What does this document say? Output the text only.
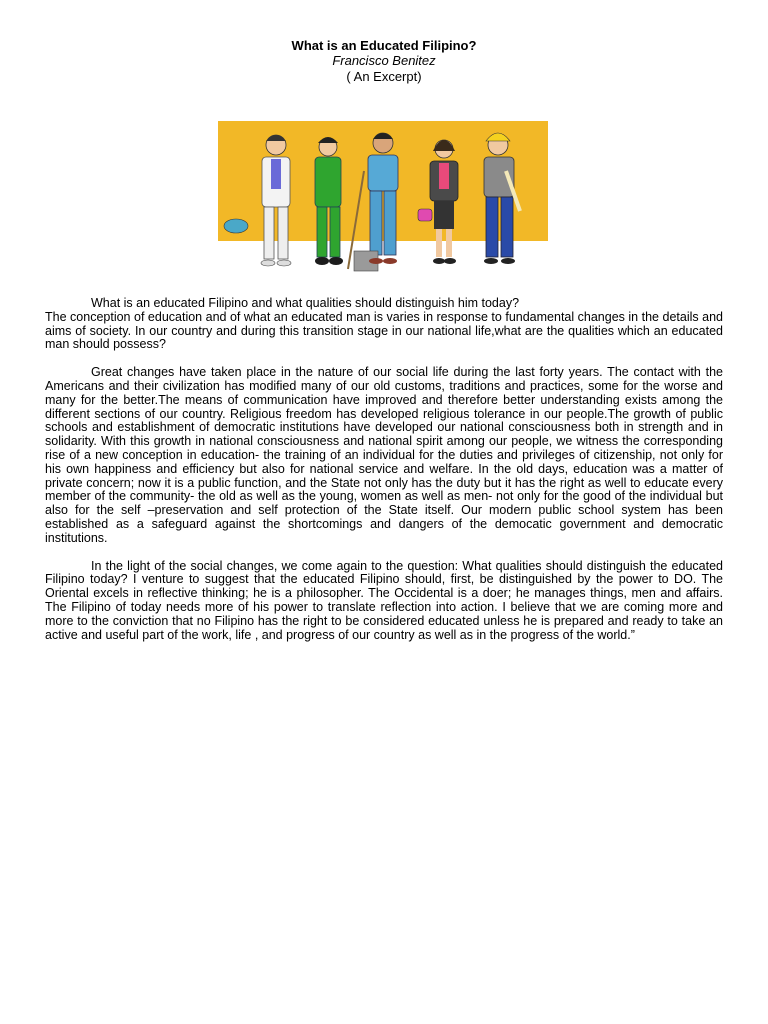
What is an Educated Filipino?
Francisco Benitez
( An Excerpt)

What is an educated Filipino and what qualities should distinguish him today?

The conception of education and of what an educated man is varies in response to fundamental changes in the details and aims of society. In our country and during this transition stage in our national life,what are the qualities which an educated man should possess?

Great changes have taken place in the nature of our social life during the last forty years. The contact with the Americans and their civilization has modified many of our old customs, traditions and practices, some for the worse and many for the better.The means of communication have improved and therefore better understanding exists among the different sections of our country. Religious freedom has developed religious tolerance in our people.The growth of public schools and establishment of democratic institutions have developed our national consciousness both in strength and in solidarity. With this growth in national consciousness and national spirit among our people, we witness the corresponding rise of a new conception in education- the training of an individual for the duties and privileges of citizenship, not only for his own happiness and efficiency but also for national service and welfare. In the old days, education was a matter of private concern; now it is a public function, and the State not only has the duty but it has the right as well to educate every member of the community- the old as well as the young, women as well as men- not only for the good of the individual but also for the self –preservation and self protection of the State itself. Our modern public school system has been established as a safeguard against the shortcomings and dangers of the democatic government and democratic institutions.

In the light of the social changes, we come again to the question: What qualities should distinguish the educated Filipino today? I venture to suggest that the educated Filipino should, first, be distinguished by the power to DO. The Oriental excels in reflective thinking; he is a philosopher. The Occidental is a doer; he manages things, men and affairs. The Filipino of today needs more of his power to translate reflection into action. I believe that we are coming more and more to the conviction that no Filipino has the right to be considered educated unless he is prepared and ready to take an active and useful part of the work, life , and progress of our country as well as in the progress of the world.”
